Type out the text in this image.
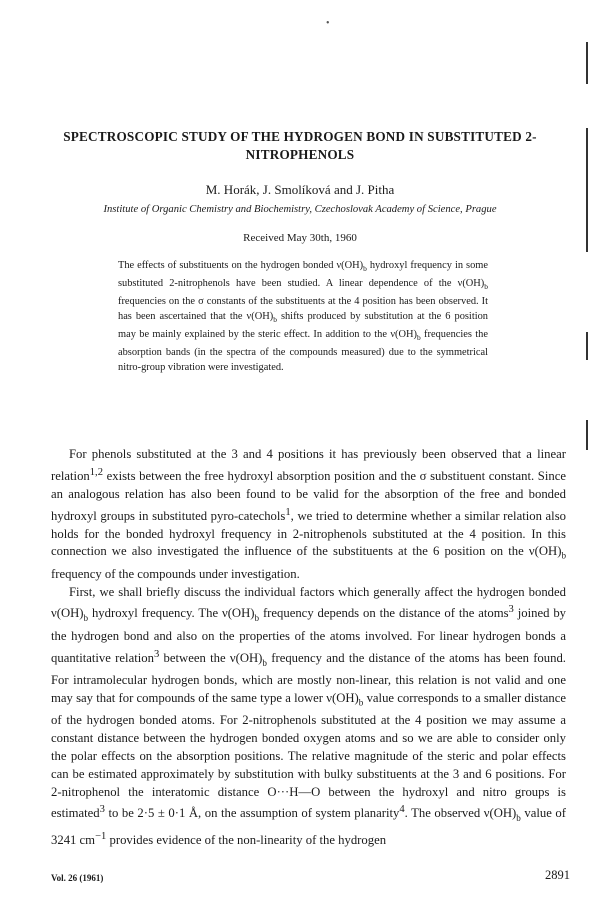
•
SPECTROSCOPIC STUDY OF THE HYDROGEN BOND IN SUBSTITUTED 2-NITROPHENOLS
M. Horák, J. Smolíková and J. Pitha
Institute of Organic Chemistry and Biochemistry, Czechoslovak Academy of Science, Prague
Received May 30th, 1960
The effects of substituents on the hydrogen bonded $\nu(OH)_b$ hydroxyl frequency in some substituted 2-nitrophenols have been studied. A linear dependence of the $\nu(OH)_b$ frequencies on the σ constants of the substituents at the 4 position has been observed. It has been ascertained that the $\nu(OH)_b$ shifts produced by substitution at the 6 position may be mainly explained by the steric effect. In addition to the $\nu(OH)_b$ frequencies the absorption bands (in the spectra of the compounds measured) due to the symmetrical nitro-group vibration were investigated.

For phenols substituted at the 3 and 4 positions it has previously been observed that a linear relation$^{1,2}$ exists between the free hydroxyl absorption position and the σ substituent constant. Since an analogous relation has also been found to be valid for the absorption of the free and bonded hydroxyl groups in substituted pyro-catechols$^1$, we tried to determine whether a similar relation also holds for the bonded hydroxyl frequency in 2-nitrophenols substituted at the 4 position. In this connection we also investigated the influence of the substituents at the 6 position on the $\nu(OH)_b$ frequency of the compounds under investigation.

First, we shall briefly discuss the individual factors which generally affect the hydrogen bonded $\nu(OH)_b$ hydroxyl frequency. The $\nu(OH)_b$ frequency depends on the distance of the atoms$^3$ joined by the hydrogen bond and also on the properties of the atoms involved. For linear hydrogen bonds a quantitative relation$^3$ between the $\nu(OH)_b$ frequency and the distance of the atoms has been found. For intramolecular hydrogen bonds, which are mostly non-linear, this relation is not valid and one may say that for compounds of the same type a lower $\nu(OH)_b$ value corresponds to a smaller distance of the hydrogen bonded atoms. For 2-nitrophenols substituted at the 4 position we may assume a constant distance between the hydrogen bonded oxygen atoms and so we are able to consider only the polar effects on the absorption positions. The relative magnitude of the steric and polar effects can be estimated approximately by substitution with bulky substituents at the 3 and 6 positions. For 2-nitrophenol the interatomic distance O···H—O between the hydroxyl and nitro groups is estimated$^3$ to be 2·5 ± 0·1 Å, on the assumption of system planarity$^4$. The observed $\nu(OH)_b$ value of 3241 $cm^{-1}$ provides evidence of the non-linearity of the hydrogen

Vol. 26 (1961)	2891
